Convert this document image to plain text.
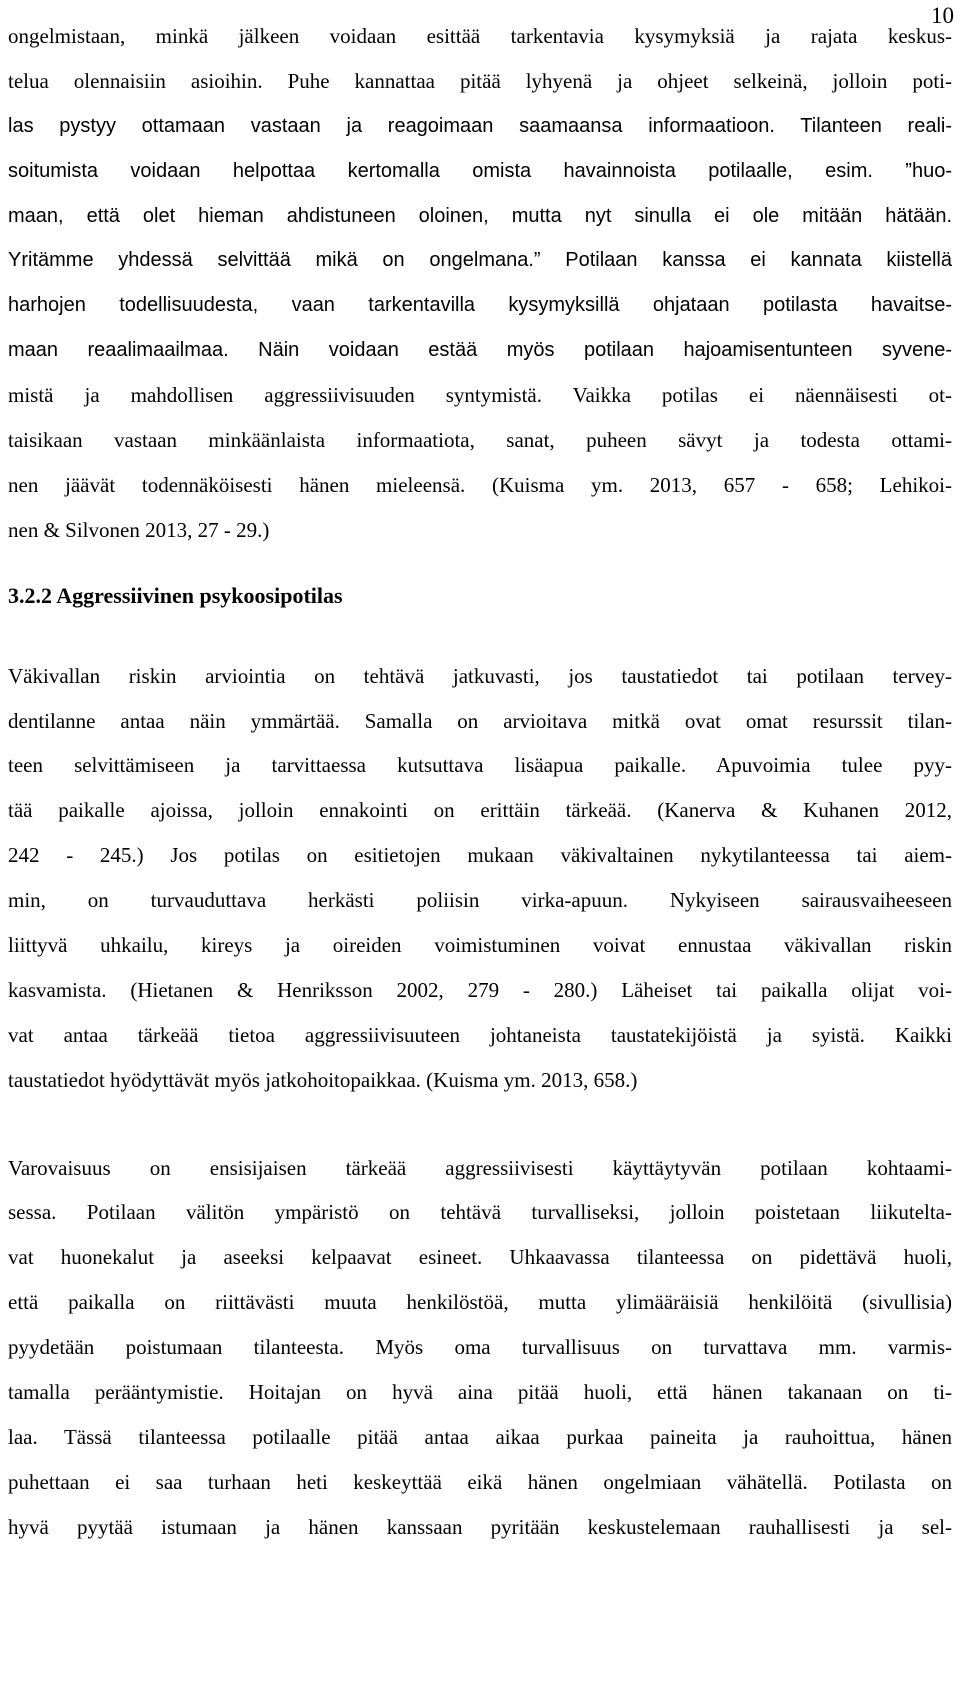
10
ongelmistaan, minkä jälkeen voidaan esittää tarkentavia kysymyksiä ja rajata keskus-
telua olennaisiin asioihin. Puhe kannattaa pitää lyhyenä ja ohjeet selkeinä, jolloin poti-
las pystyy ottamaan vastaan ja reagoimaan saamaansa informaatioon. Tilanteen reali-
soitumista voidaan helpottaa kertomalla omista havainnoista potilaalle, esim. ”huo-
maan, että olet hieman ahdistuneen oloinen, mutta nyt sinulla ei ole mitään hätään.
Yritämme yhdessä selvittää mikä on ongelmana.” Potilaan kanssa ei kannata kiistellä
harhojen todellisuudesta, vaan tarkentavilla kysymyksillä ohjataan potilasta havaitse-
maan reaalimaailmaa. Näin voidaan estää myös potilaan hajoamisentunteen syvene-
mistä ja mahdollisen aggressiivisuuden syntymistä. Vaikka potilas ei näennäisesti ot-
taisikaan vastaan minkäänlaista informaatiota, sanat, puheen sävyt ja todesta ottami-
nen jäävät todennäköisesti hänen mieleensä. (Kuisma ym. 2013, 657 - 658; Lehikoi-
nen & Silvonen 2013, 27 - 29.)
3.2.2 Aggressiivinen psykoosipotilas
Väkivallan riskin arviointia on tehtävä jatkuvasti, jos taustatiedot tai potilaan tervey-
dentilanne antaa näin ymmärtää. Samalla on arvioitava mitkä ovat omat resurssit tilan-
teen selvittämiseen ja tarvittaessa kutsuttava lisäapua paikalle. Apuvoimia tulee pyy-
tää paikalle ajoissa, jolloin ennakointi on erittäin tärkeää. (Kanerva & Kuhanen 2012,
242 - 245.) Jos potilas on esitietojen mukaan väkivaltainen nykytilanteessa tai aiem-
min, on turvauduttava herkästi poliisin virka-apuun. Nykyiseen sairausvaiheeseen
liittyvä uhkailu, kireys ja oireiden voimistuminen voivat ennustaa väkivallan riskin
kasvamista. (Hietanen & Henriksson 2002, 279 - 280.) Läheiset tai paikalla olijat voi-
vat antaa tärkeää tietoa aggressiivisuuteen johtaneista taustatekijöistä ja syistä. Kaikki
taustatiedot hyödyttävät myös jatkohoitopaikkaa. (Kuisma ym. 2013, 658.)
Varovaisuus on ensisijaisen tärkeää aggressiivisesti käyttäytyvän potilaan kohtaami-
sessa. Potilaan välitön ympäristö on tehtävä turvalliseksi, jolloin poistetaan liikutelta-
vat huonekalut ja aseeksi kelpaavat esineet. Uhkaavassa tilanteessa on pidettävä huoli,
että paikalla on riittävästi muuta henkilöstöä, mutta ylimääräisiä henkilöitä (sivullisia)
pyydetään poistumaan tilanteesta. Myös oma turvallisuus on turvattava mm. varmis-
tamalla perääntymistie. Hoitajan on hyvä aina pitää huoli, että hänen takanaan on ti-
laa. Tässä tilanteessa potilaalle pitää antaa aikaa purkaa paineita ja rauhoittua, hänen
puhettaan ei saa turhaan heti keskeyttää eikä hänen ongelmiaan vähätellä. Potilasta on
hyvä pyytää istumaan ja hänen kanssaan pyritään keskustelemaan rauhallisesti ja sel-
